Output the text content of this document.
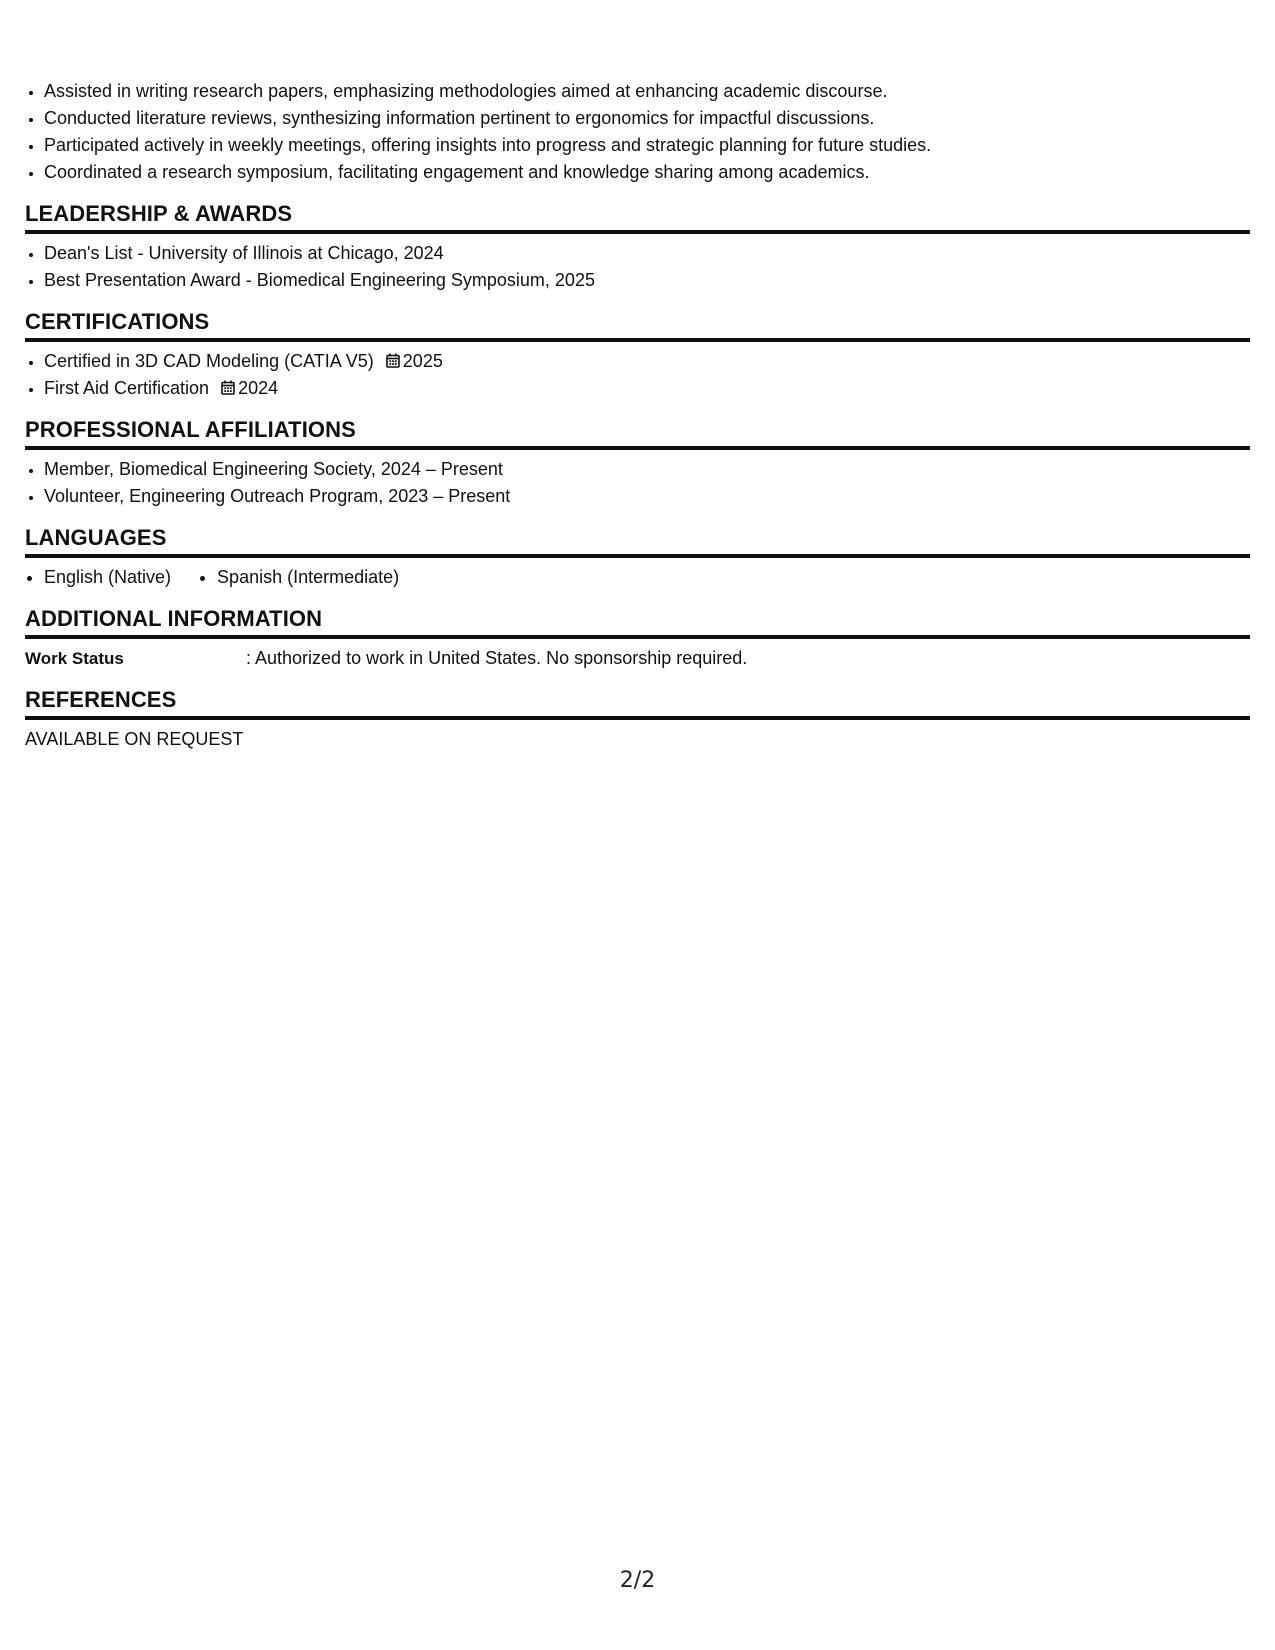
• Assisted in writing research papers, emphasizing methodologies aimed at enhancing academic discourse.
• Conducted literature reviews, synthesizing information pertinent to ergonomics for impactful discussions.
• Participated actively in weekly meetings, offering insights into progress and strategic planning for future studies.
• Coordinated a research symposium, facilitating engagement and knowledge sharing among academics.
LEADERSHIP & AWARDS
• Dean's List - University of Illinois at Chicago, 2024
• Best Presentation Award - Biomedical Engineering Symposium, 2025
CERTIFICATIONS
• Certified in 3D CAD Modeling (CATIA V5) 2025
• First Aid Certification 2024
PROFESSIONAL AFFILIATIONS
• Member, Biomedical Engineering Society, 2024 – Present
• Volunteer, Engineering Outreach Program, 2023 – Present
LANGUAGES
• English (Native)
•	Spanish (Intermediate)
ADDITIONAL INFORMATION
Work Status	: Authorized to work in United States. No sponsorship required.
REFERENCES
AVAILABLE ON REQUEST
2/2
